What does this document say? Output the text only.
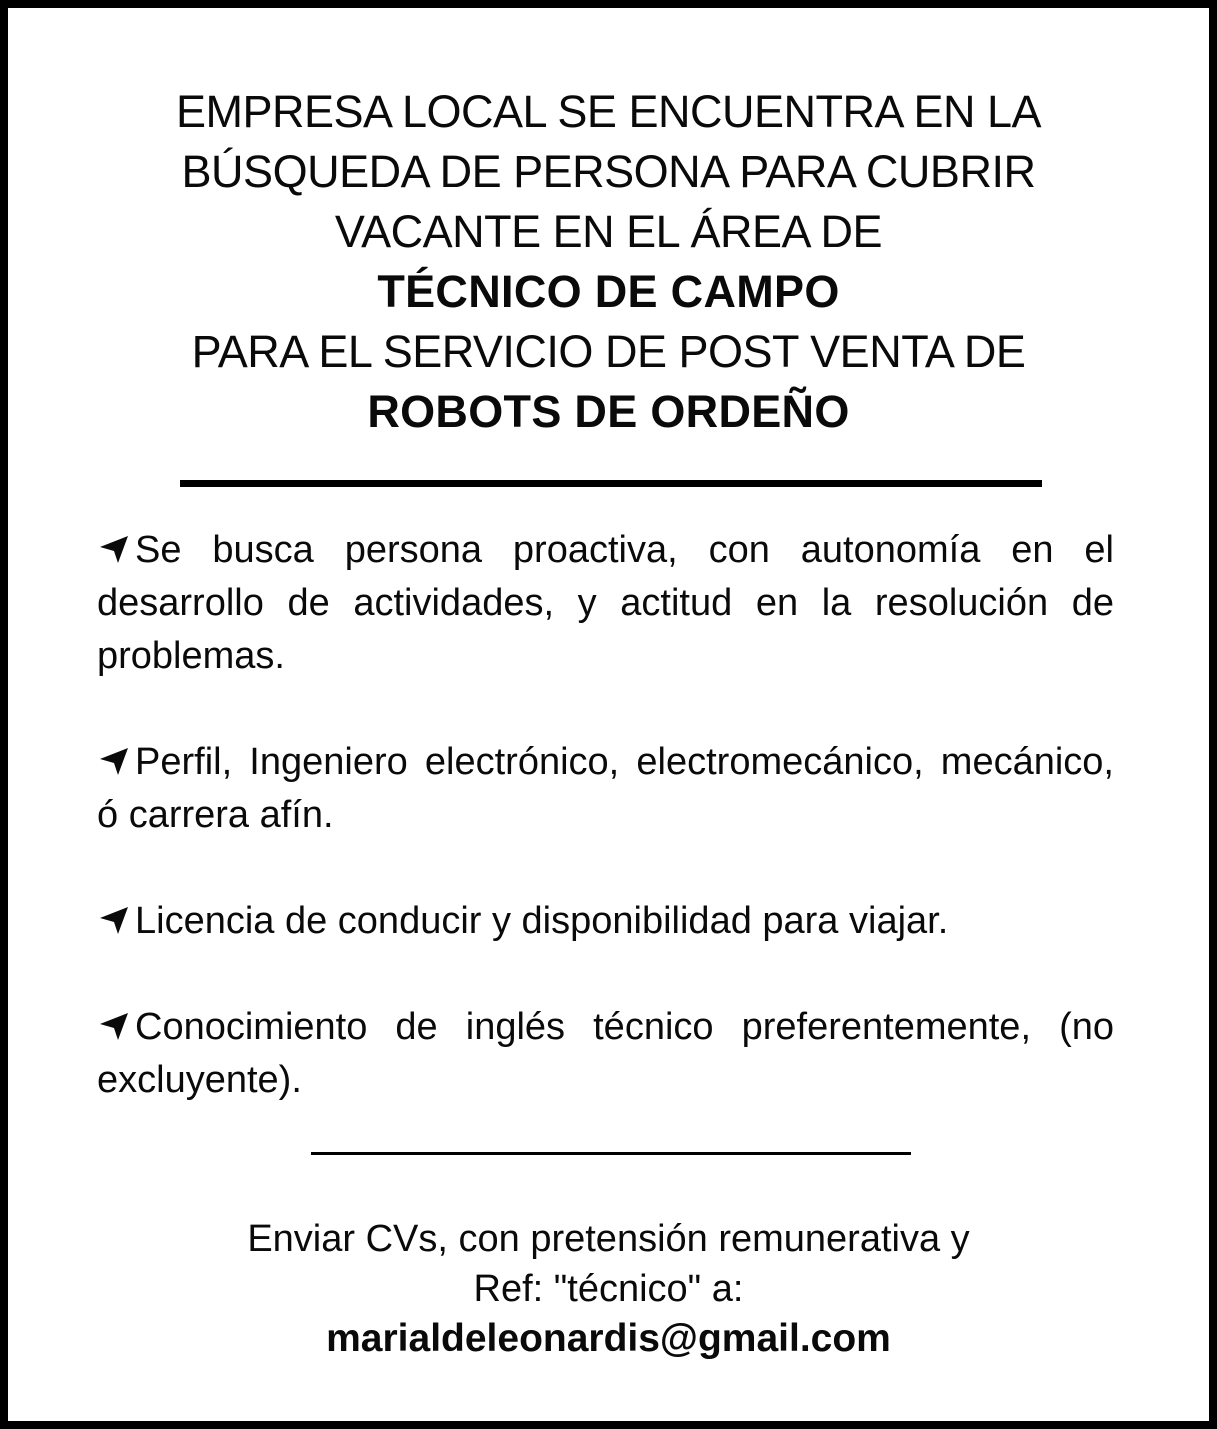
EMPRESA LOCAL SE ENCUENTRA EN LA
BÚSQUEDA DE PERSONA PARA CUBRIR
VACANTE EN EL ÁREA DE
TÉCNICO DE CAMPO
PARA EL SERVICIO DE POST VENTA DE
ROBOTS DE ORDEÑO

Se busca persona proactiva, con autonomía en el desarrollo de actividades, y actitud en la resolución de problemas.

Perfil, Ingeniero electrónico, electromecánico, mecánico, ó carrera afín.

Licencia de conducir y disponibilidad para viajar.

Conocimiento de inglés técnico preferentemente, (no excluyente).

Enviar CVs, con pretensión remunerativa y
Ref: "técnico" a:
marialdeleonardis@gmail.com
